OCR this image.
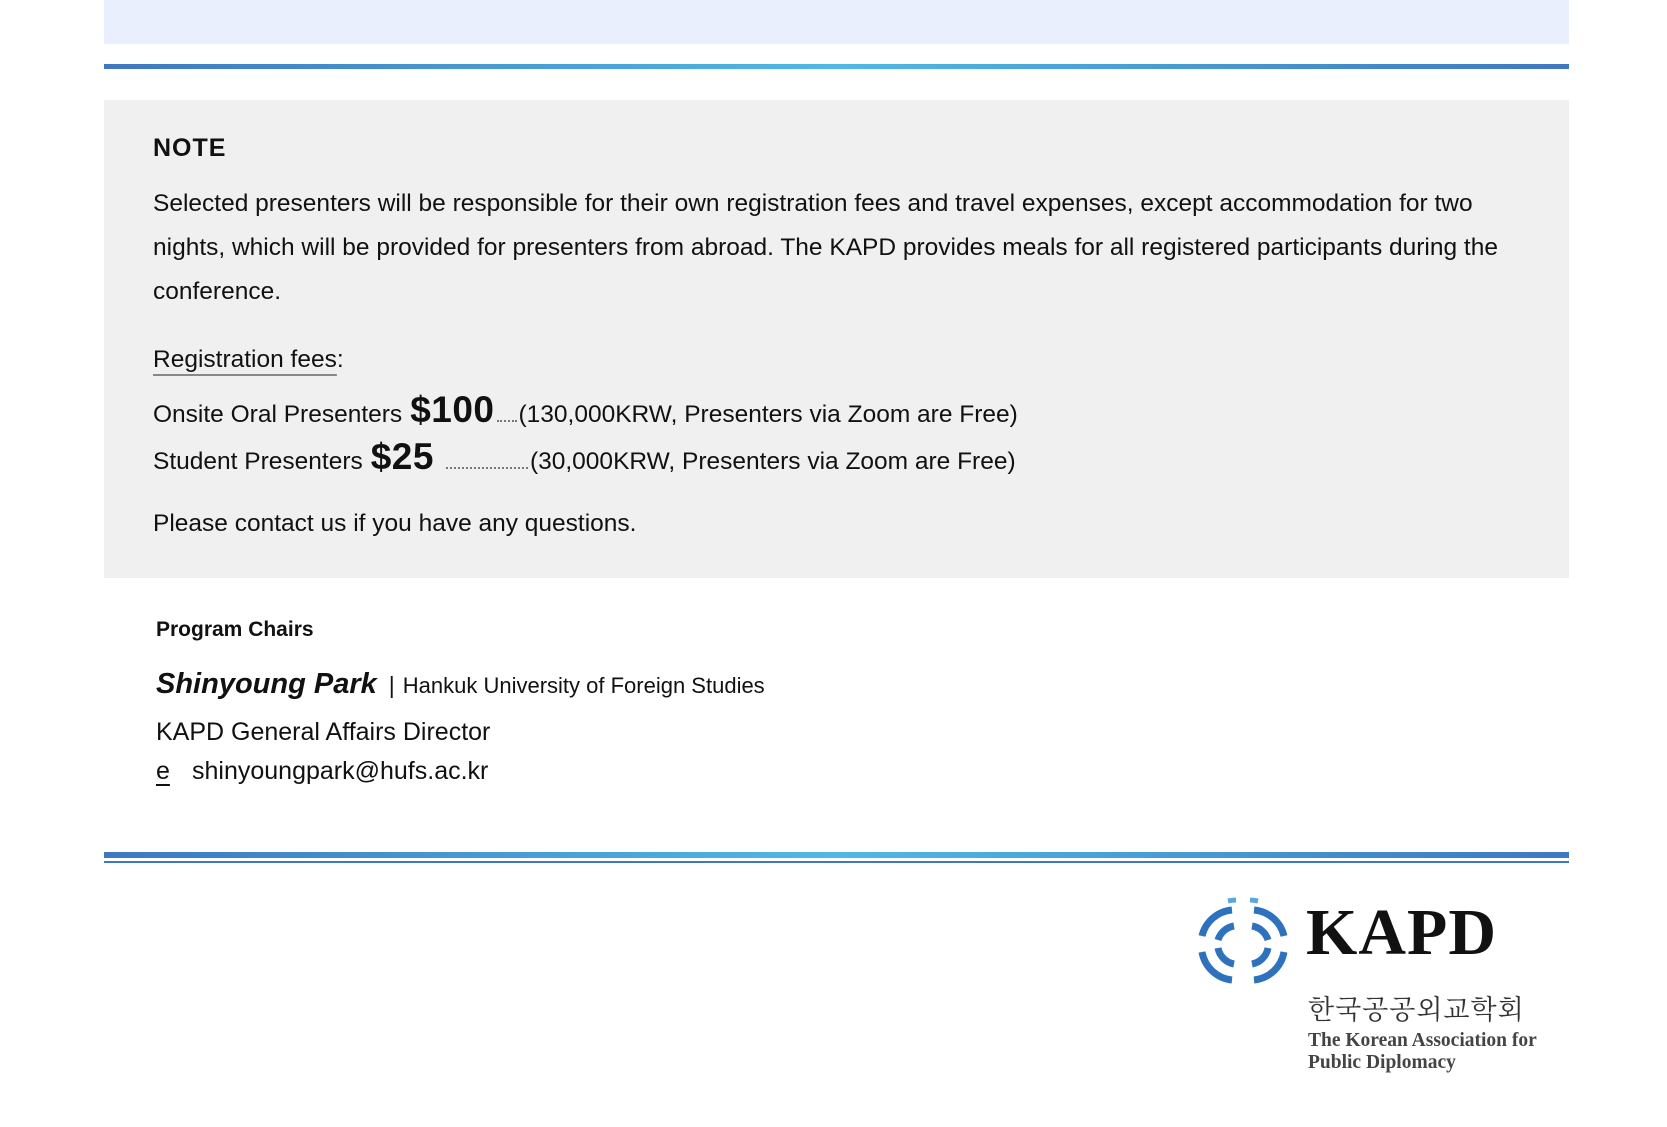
NOTE
Selected presenters will be responsible for their own registration fees and travel expenses, except accommodation for two nights, which will be provided for presenters from abroad. The KAPD provides meals for all registered participants during the conference.
Registration fees:
Onsite Oral Presenters $100 (130,000KRW, Presenters via Zoom are Free)
Student Presenters $25	(30,000KRW, Presenters via Zoom are Free)
Please contact us if you have any questions.
Program Chairs
Shinyoung Park | Hankuk University of Foreign Studies
KAPD General Affairs Director
e shinyoungpark@hufs.ac.kr
KAPD
한국공공외교학회
The Korean Association for
Public Diplomacy
